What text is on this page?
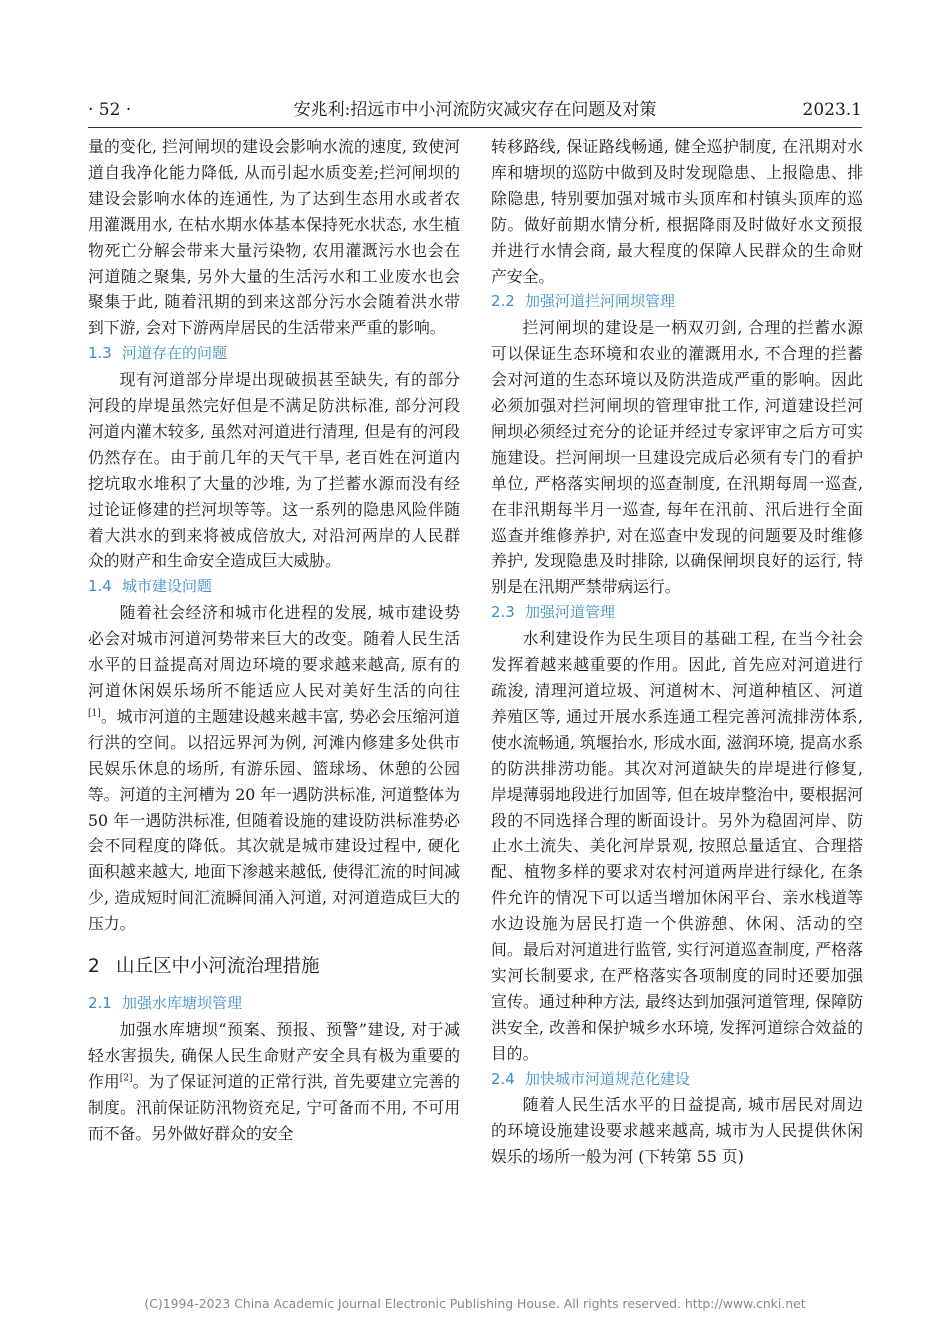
· 52 ·	安兆利:招远市中小河流防灾减灾存在问题及对策	2023.1

量的变化, 拦河闸坝的建设会影响水流的速度, 致使河道自我净化能力降低, 从而引起水质变差;拦河闸坝的建设会影响水体的连通性, 为了达到生态用水或者农用灌溉用水, 在枯水期水体基本保持死水状态, 水生植物死亡分解会带来大量污染物, 农用灌溉污水也会在河道随之聚集, 另外大量的生活污水和工业废水也会聚集于此, 随着汛期的到来这部分污水会随着洪水带到下游, 会对下游两岸居民的生活带来严重的影响。

1.3 河道存在的问题

现有河道部分岸堤出现破损甚至缺失, 有的部分河段的岸堤虽然完好但是不满足防洪标准, 部分河段河道内灌木较多, 虽然对河道进行清理, 但是有的河段仍然存在。由于前几年的天气干旱, 老百姓在河道内挖坑取水堆积了大量的沙堆, 为了拦蓄水源而没有经过论证修建的拦河坝等等。这一系列的隐患风险伴随着大洪水的到来将被成倍放大, 对沿河两岸的人民群众的财产和生命安全造成巨大威胁。

1.4 城市建设问题

随着社会经济和城市化进程的发展, 城市建设势必会对城市河道河势带来巨大的改变。随着人民生活水平的日益提高对周边环境的要求越来越高, 原有的河道休闲娱乐场所不能适应人民对美好生活的向往[1]。城市河道的主题建设越来越丰富, 势必会压缩河道行洪的空间。以招远界河为例, 河滩内修建多处供市民娱乐休息的场所, 有游乐园、篮球场、休憩的公园等。河道的主河槽为 20 年一遇防洪标准, 河道整体为 50 年一遇防洪标准, 但随着设施的建设防洪标准势必会不同程度的降低。其次就是城市建设过程中, 硬化面积越来越大, 地面下渗越来越低, 使得汇流的时间减少, 造成短时间汇流瞬间涌入河道, 对河道造成巨大的压力。

2 山丘区中小河流治理措施
2.1 加强水库塘坝管理

加强水库塘坝“预案、预报、预警”建设, 对于减轻水害损失, 确保人民生命财产安全具有极为重要的作用[2]。为了保证河道的正常行洪, 首先要建立完善的制度。汛前保证防汛物资充足, 宁可备而不用, 不可用而不备。另外做好群众的安全

转移路线, 保证路线畅通, 健全巡护制度, 在汛期对水库和塘坝的巡防中做到及时发现隐患、上报隐患、排除隐患, 特别要加强对城市头顶库和村镇头顶库的巡防。做好前期水情分析, 根据降雨及时做好水文预报并进行水情会商, 最大程度的保障人民群众的生命财产安全。

2.2 加强河道拦河闸坝管理

拦河闸坝的建设是一柄双刃剑, 合理的拦蓄水源可以保证生态环境和农业的灌溉用水, 不合理的拦蓄会对河道的生态环境以及防洪造成严重的影响。因此必须加强对拦河闸坝的管理审批工作, 河道建设拦河闸坝必须经过充分的论证并经过专家评审之后方可实施建设。拦河闸坝一旦建设完成后必须有专门的看护单位, 严格落实闸坝的巡查制度, 在汛期每周一巡查, 在非汛期每半月一巡查, 每年在汛前、汛后进行全面巡查并维修养护, 对在巡查中发现的问题要及时维修养护, 发现隐患及时排除, 以确保闸坝良好的运行, 特别是在汛期严禁带病运行。

2.3 加强河道管理

水利建设作为民生项目的基础工程, 在当今社会发挥着越来越重要的作用。因此, 首先应对河道进行疏浚, 清理河道垃圾、河道树木、河道种植区、河道养殖区等, 通过开展水系连通工程完善河流排涝体系, 使水流畅通, 筑堰抬水, 形成水面, 滋润环境, 提高水系的防洪排涝功能。其次对河道缺失的岸堤进行修复, 岸堤薄弱地段进行加固等, 但在坡岸整治中, 要根据河段的不同选择合理的断面设计。另外为稳固河岸、防止水土流失、美化河岸景观, 按照总量适宜、合理搭配、植物多样的要求对农村河道两岸进行绿化, 在条件允许的情况下可以适当增加休闲平台、亲水栈道等水边设施为居民打造一个供游憩、休闲、活动的空间。最后对河道进行监管, 实行河道巡查制度, 严格落实河长制要求, 在严格落实各项制度的同时还要加强宣传。通过种种方法, 最终达到加强河道管理, 保障防洪安全, 改善和保护城乡水环境, 发挥河道综合效益的目的。

2.4 加快城市河道规范化建设

随着人民生活水平的日益提高, 城市居民对周边的环境设施建设要求越来越高, 城市为人民提供休闲娱乐的场所一般为河 (下转第 55 页)

(C)1994-2023 China Academic Journal Electronic Publishing House. All rights reserved. http://www.cnki.net
